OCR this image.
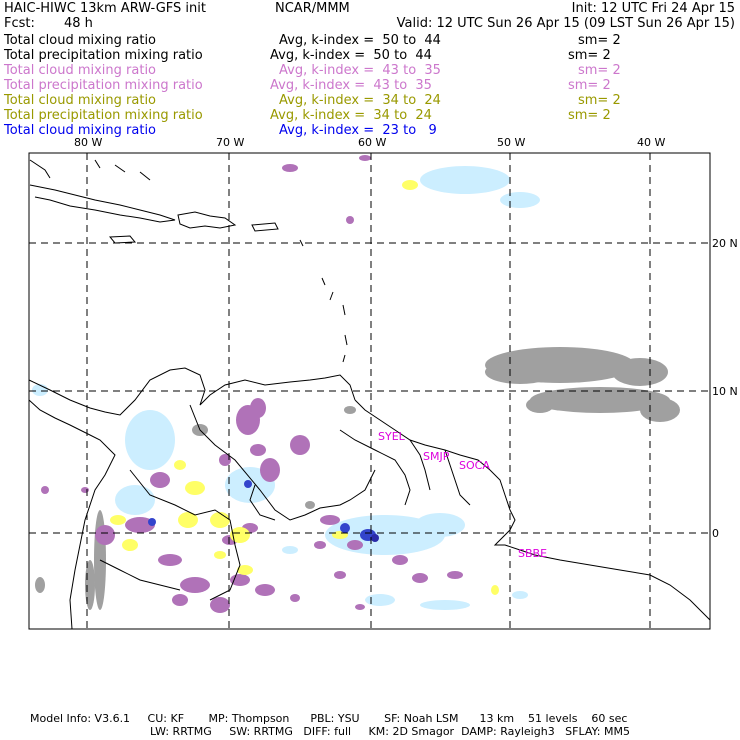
HAIC-HIWC 13km ARW-GFS init	NCAR/MMM	Init: 12 UTC Fri 24 Apr 15
Fcst: 48 h	Valid: 12 UTC Sun 26 Apr 15 (09 LST Sun 26 Apr 15)
Total cloud mixing ratio	Avg, k-index =  50 to  44	sm= 2
Total precipitation mixing ratio	Avg, k-index =  50 to  44	sm= 2
Total cloud mixing ratio	Avg, k-index =  43 to  35	sm= 2
Total precipitation mixing ratio	Avg, k-index =  43 to  35	sm= 2
Total cloud mixing ratio	Avg, k-index =  34 to  24	sm= 2
Total precipitation mixing ratio	Avg, k-index =  34 to  24	sm= 2
Total cloud mixing ratio	Avg, k-index =  23 to   9
80 W	70 W	60 W	50 W	40 W
20 N
10 N
0
SYEL
SMJP
SOCA
SBBE
Model Info: V3.6.1     CU: KF       MP: Thompson      PBL: YSU       SF: Noah LSM      13 km    51 levels    60 sec
LW: RRTMG     SW: RRTMG   DIFF: full     KM: 2D Smagor  DAMP: Rayleigh3   SFLAY: MM5
